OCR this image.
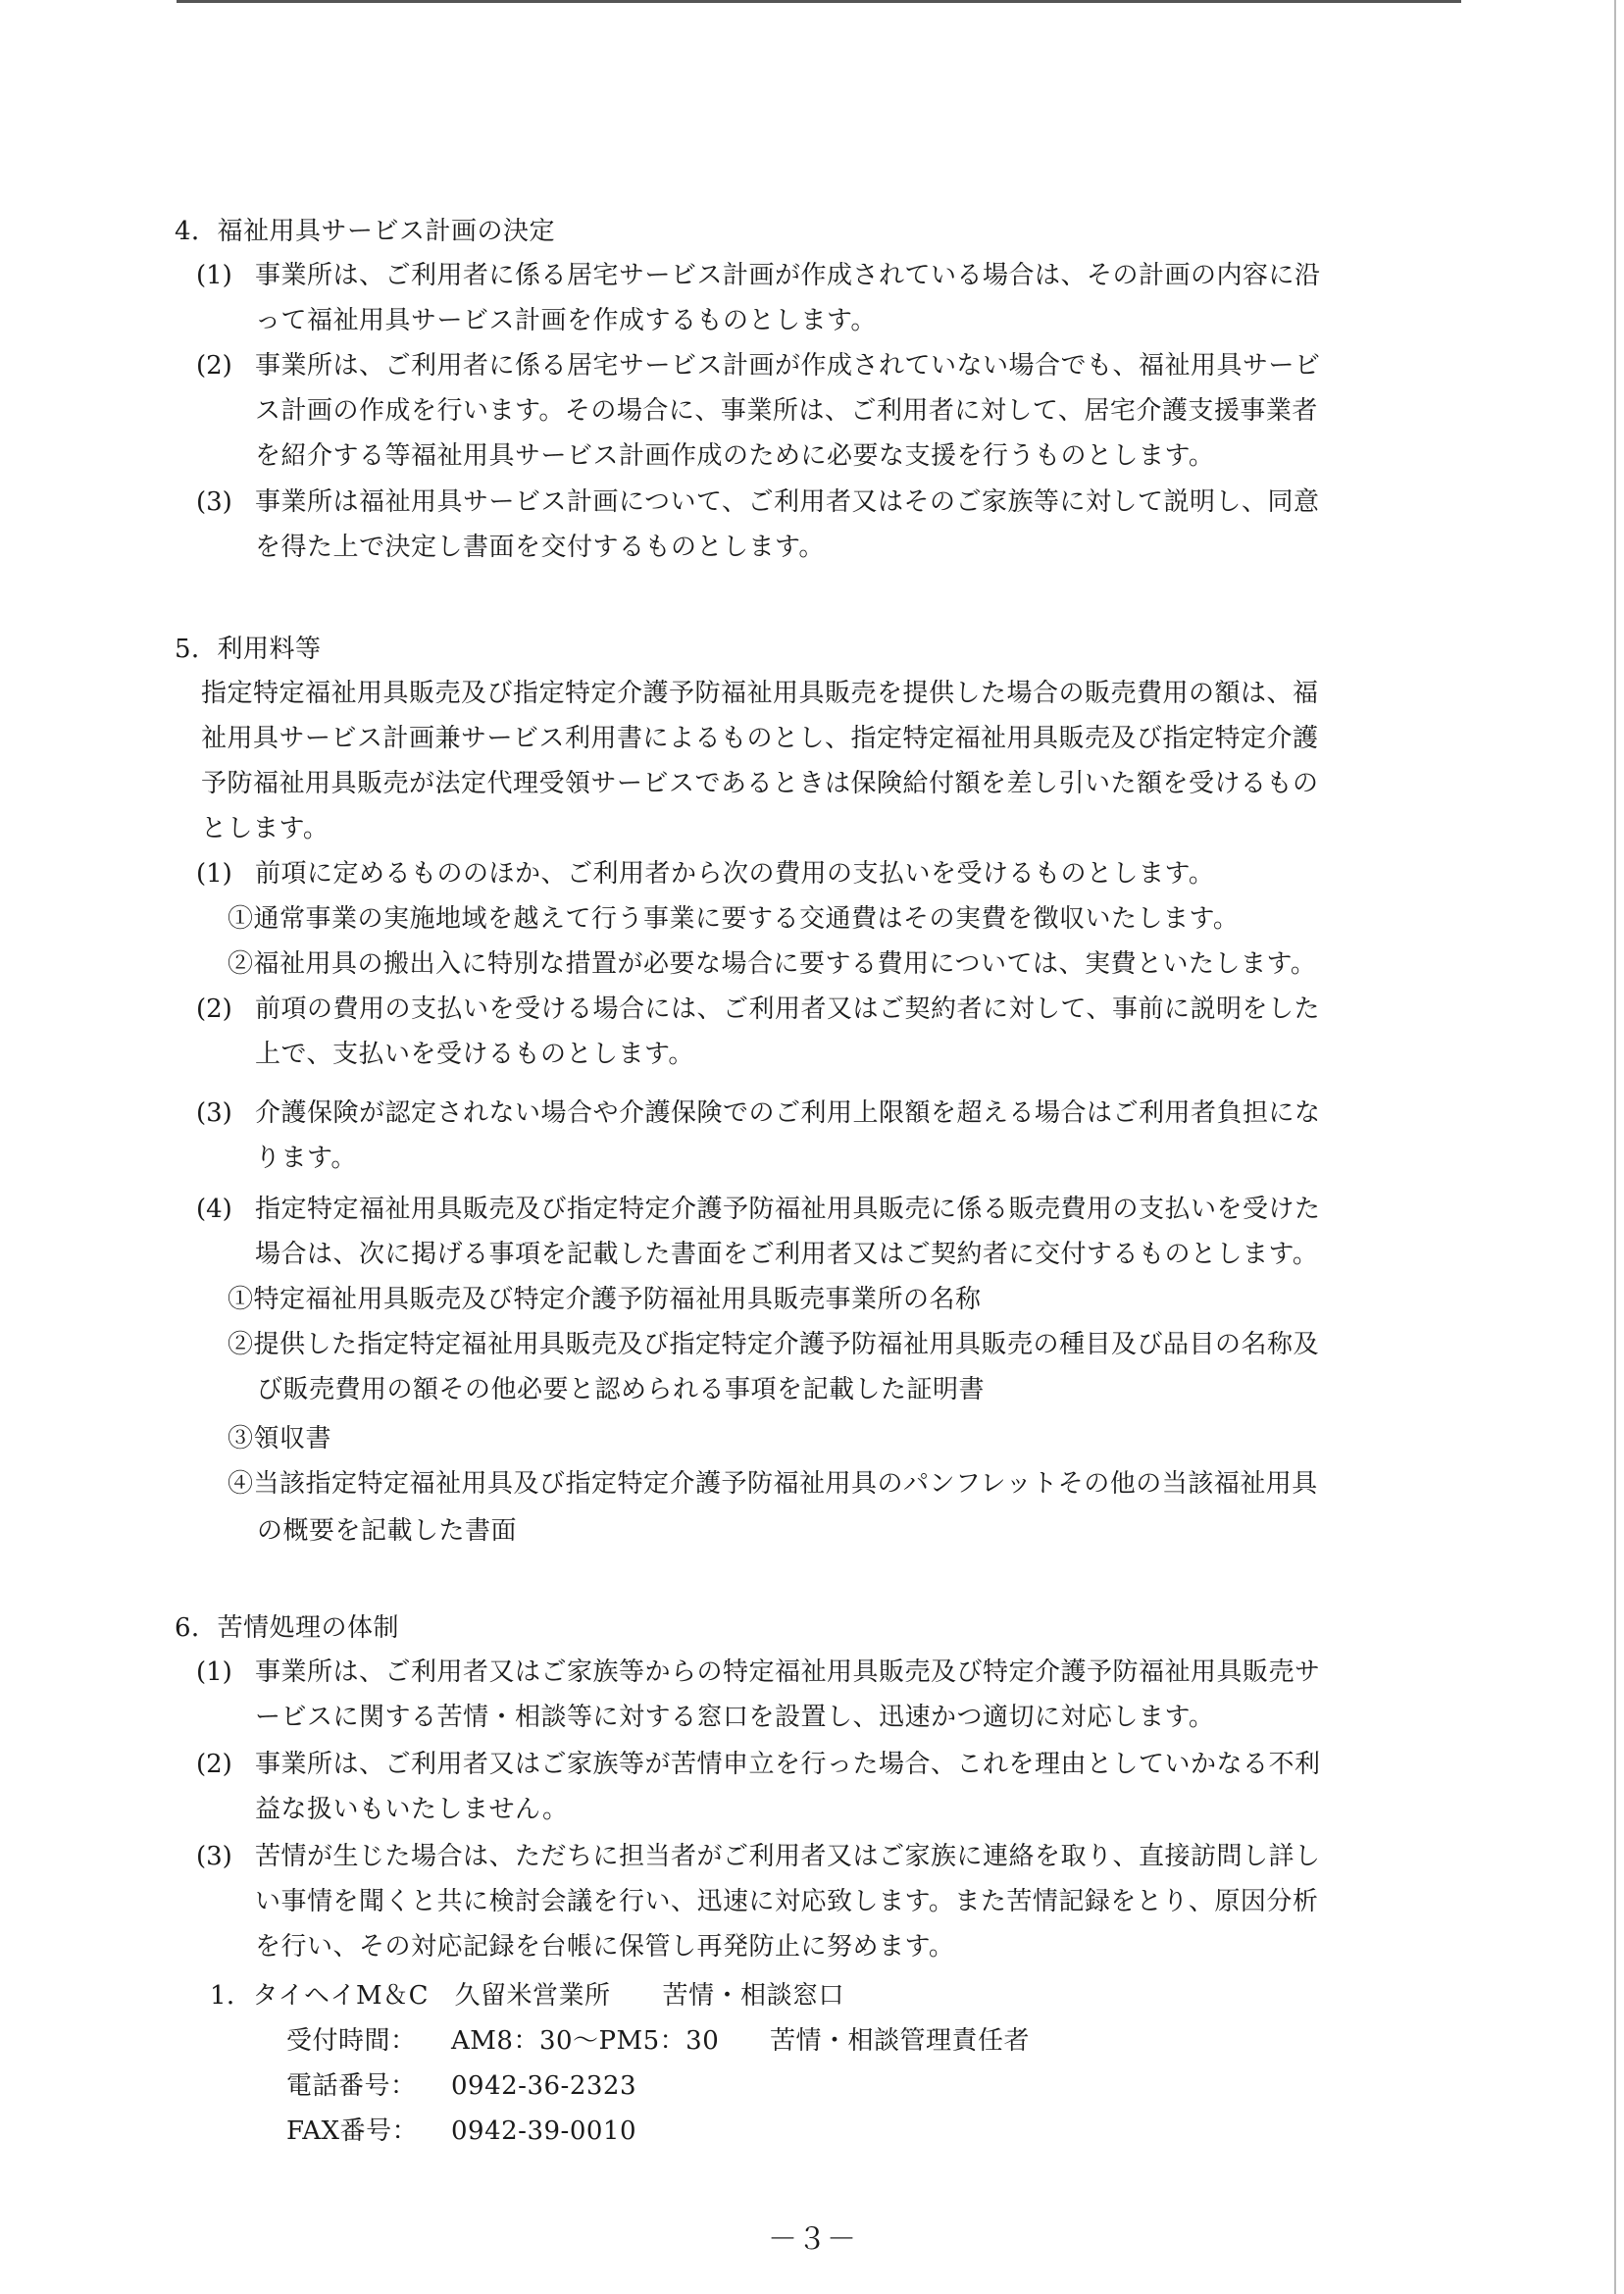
4．福祉用具サービス計画の決定
(1) 事業所は、ご利用者に係る居宅サービス計画が作成されている場合は、その計画の内容に沿
って福祉用具サービス計画を作成するものとします。
(2) 事業所は、ご利用者に係る居宅サービス計画が作成されていない場合でも、福祉用具サービ
ス計画の作成を行います。その場合に、事業所は、ご利用者に対して、居宅介護支援事業者
を紹介する等福祉用具サービス計画作成のために必要な支援を行うものとします。
(3) 事業所は福祉用具サービス計画について、ご利用者又はそのご家族等に対して説明し、同意
を得た上で決定し書面を交付するものとします。
5．利用料等
指定特定福祉用具販売及び指定特定介護予防福祉用具販売を提供した場合の販売費用の額は、福
祉用具サービス計画兼サービス利用書によるものとし、指定特定福祉用具販売及び指定特定介護
予防福祉用具販売が法定代理受領サービスであるときは保険給付額を差し引いた額を受けるもの
とします。
(1) 前項に定めるもののほか、ご利用者から次の費用の支払いを受けるものとします。
①通常事業の実施地域を越えて行う事業に要する交通費はその実費を徴収いたします。
②福祉用具の搬出入に特別な措置が必要な場合に要する費用については、実費といたします。
(2) 前項の費用の支払いを受ける場合には、ご利用者又はご契約者に対して、事前に説明をした
上で、支払いを受けるものとします。
(3) 介護保険が認定されない場合や介護保険でのご利用上限額を超える場合はご利用者負担にな
ります。
(4) 指定特定福祉用具販売及び指定特定介護予防福祉用具販売に係る販売費用の支払いを受けた
場合は、次に掲げる事項を記載した書面をご利用者又はご契約者に交付するものとします。
①特定福祉用具販売及び特定介護予防福祉用具販売事業所の名称
②提供した指定特定福祉用具販売及び指定特定介護予防福祉用具販売の種目及び品目の名称及
び販売費用の額その他必要と認められる事項を記載した証明書
③領収書
④当該指定特定福祉用具及び指定特定介護予防福祉用具のパンフレットその他の当該福祉用具
の概要を記載した書面
6．苦情処理の体制
(1) 事業所は、ご利用者又はご家族等からの特定福祉用具販売及び特定介護予防福祉用具販売サ
ービスに関する苦情・相談等に対する窓口を設置し、迅速かつ適切に対応します。
(2) 事業所は、ご利用者又はご家族等が苦情申立を行った場合、これを理由としていかなる不利
益な扱いもいたしません。
(3) 苦情が生じた場合は、ただちに担当者がご利用者又はご家族に連絡を取り、直接訪問し詳し
い事情を聞くと共に検討会議を行い、迅速に対応致します。また苦情記録をとり、原因分析
を行い、その対応記録を台帳に保管し再発防止に努めます。
1．タイヘイM＆C　久留米営業所　　苦情・相談窓口
受付時間： AM8：30～PM5：30 苦情・相談管理責任者
電話番号： 0942-36-2323
FAX番号： 0942-39-0010
－３－
